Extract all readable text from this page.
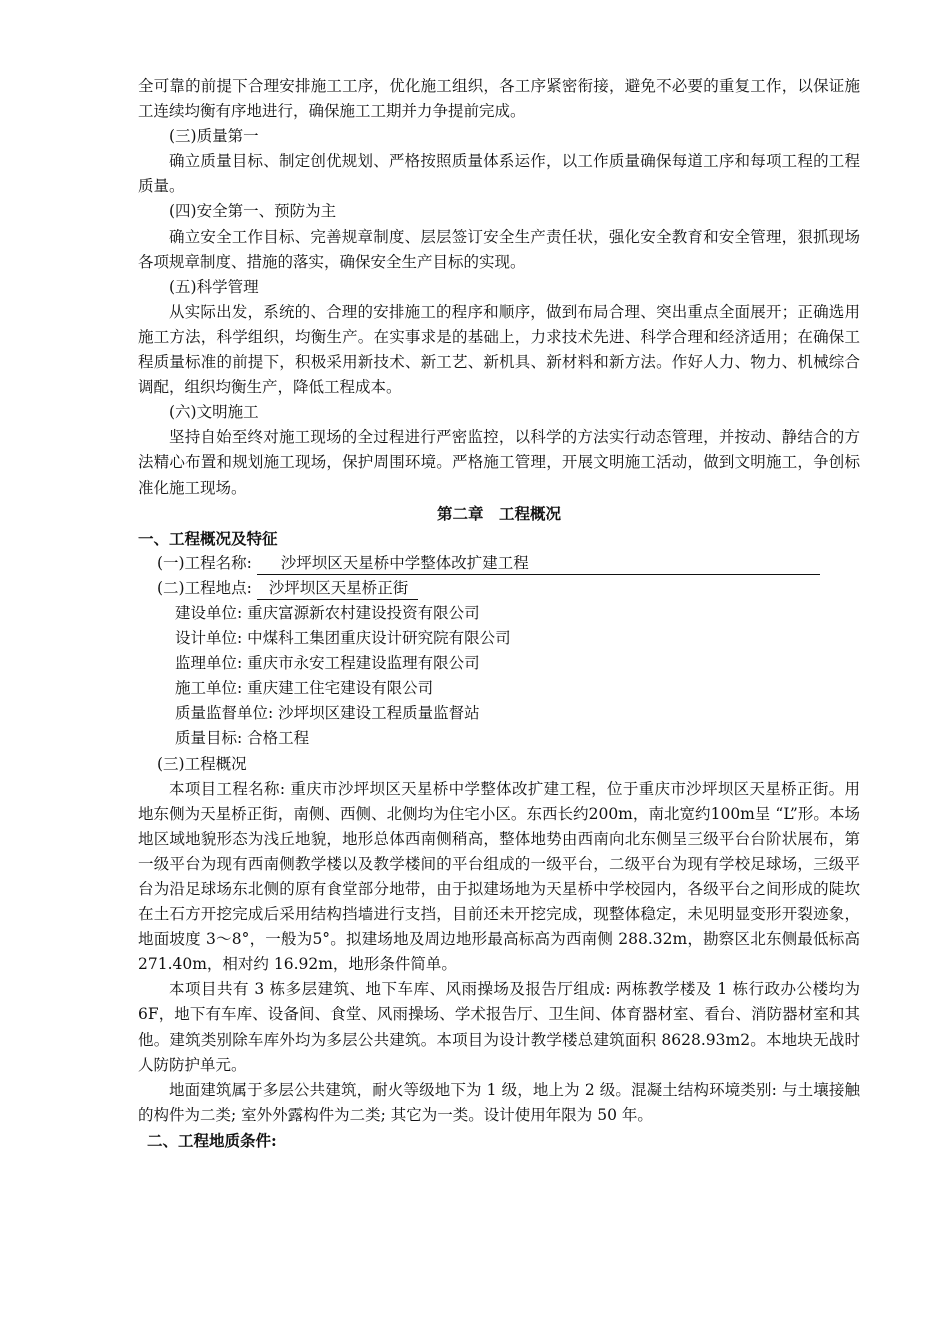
全可靠的前提下合理安排施工工序，优化施工组织，各工序紧密衔接，避免不必要的重复工作，以保证施工连续均衡有序地进行，确保施工工期并力争提前完成。

(三)质量第一

确立质量目标、制定创优规划、严格按照质量体系运作，以工作质量确保每道工序和每项工程的工程质量。

(四)安全第一、预防为主

确立安全工作目标、完善规章制度、层层签订安全生产责任状，强化安全教育和安全管理，狠抓现场各项规章制度、措施的落实，确保安全生产目标的实现。

(五)科学管理

从实际出发，系统的、合理的安排施工的程序和顺序，做到布局合理、突出重点全面展开；正确选用施工方法，科学组织，均衡生产。在实事求是的基础上，力求技术先进、科学合理和经济适用；在确保工程质量标准的前提下，积极采用新技术、新工艺、新机具、新材料和新方法。作好人力、物力、机械综合调配，组织均衡生产，降低工程成本。

(六)文明施工

坚持自始至终对施工现场的全过程进行严密监控，以科学的方法实行动态管理，并按动、静结合的方法精心布置和规划施工现场，保护周围环境。严格施工管理，开展文明施工活动，做到文明施工，争创标准化施工现场。

第二章　工程概况

一、工程概况及特征

(一)工程名称: 沙坪坝区天星桥中学整体改扩建工程

(二)工程地点: 沙坪坝区天星桥正街

建设单位: 重庆富源新农村建设投资有限公司

设计单位: 中煤科工集团重庆设计研究院有限公司

监理单位: 重庆市永安工程建设监理有限公司

施工单位: 重庆建工住宅建设有限公司

质量监督单位: 沙坪坝区建设工程质量监督站

质量目标: 合格工程

(三)工程概况

本项目工程名称: 重庆市沙坪坝区天星桥中学整体改扩建工程，位于重庆市沙坪坝区天星桥正街。用地东侧为天星桥正街，南侧、西侧、北侧均为住宅小区。东西长约200m，南北宽约100m呈 “L”形。本场地区域地貌形态为浅丘地貌，地形总体西南侧稍高，整体地势由西南向北东侧呈三级平台台阶状展布，第一级平台为现有西南侧教学楼以及教学楼间的平台组成的一级平台，二级平台为现有学校足球场，三级平台为沿足球场东北侧的原有食堂部分地带，由于拟建场地为天星桥中学校园内，各级平台之间形成的陡坎在土石方开挖完成后采用结构挡墙进行支挡，目前还未开挖完成，现整体稳定，未见明显变形开裂迹象，地面坡度 3～8°，一般为5°。拟建场地及周边地形最高标高为西南侧 288.32m，勘察区北东侧最低标高 271.40m，相对约 16.92m，地形条件简单。

本项目共有 3 栋多层建筑、地下车库、风雨操场及报告厅组成: 两栋教学楼及 1 栋行政办公楼均为 6F，地下有车库、设备间、食堂、风雨操场、学术报告厅、卫生间、体育器材室、看台、消防器材室和其他。建筑类别除车库外均为多层公共建筑。本项目为设计教学楼总建筑面积 8628.93m2。本地块无战时人防防护单元。

地面建筑属于多层公共建筑，耐火等级地下为 1 级，地上为 2 级。混凝土结构环境类别: 与土壤接触的构件为二类; 室外外露构件为二类; 其它为一类。设计使用年限为 50 年。

二、工程地质条件:
